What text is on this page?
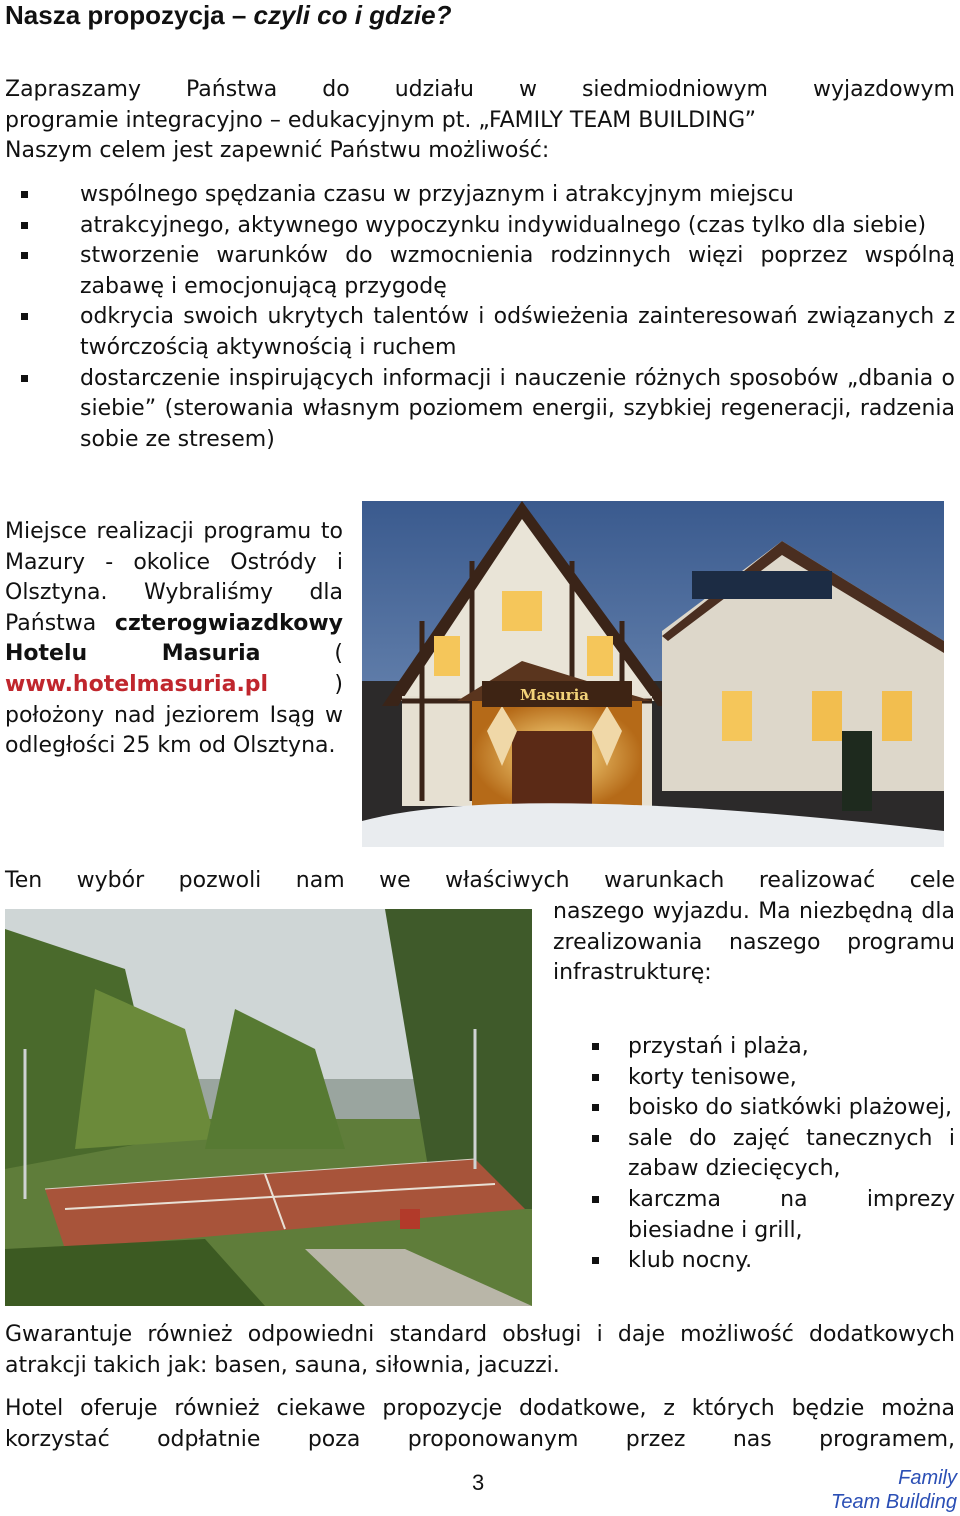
Nasza propozycja – czyli co i gdzie?
Zapraszamy Państwa do udziału w siedmiodniowym wyjazdowym
programie integracyjno – edukacyjnym pt. „FAMILY TEAM BUILDING”
Naszym celem jest zapewnić Państwu możliwość:
wspólnego spędzania czasu w przyjaznym i atrakcyjnym miejscu
atrakcyjnego, aktywnego wypoczynku indywidualnego (czas tylko dla siebie)
stworzenie warunków do wzmocnienia rodzinnych więzi poprzez wspólną zabawę i emocjonującą przygodę
odkrycia swoich ukrytych talentów i odświeżenia zainteresowań związanych z twórczością aktywnością i ruchem
dostarczenie inspirujących informacji i nauczenie różnych sposobów „dbania o siebie” (sterowania własnym poziomem energii, szybkiej regeneracji, radzenia sobie ze stresem)
Miejsce realizacji programu to Mazury - okolice Ostródy i Olsztyna. Wybraliśmy dla Państwa czterogwiazdkowy Hotelu Masuria	( www.hotelmasuria.pl	) położony nad jeziorem Isąg w odległości 25 km od Olsztyna.
Masuria
Ten wybór pozwoli nam we właściwych warunkach realizować cele
naszego wyjazdu. Ma niezbędną dla zrealizowania naszego programu infrastrukturę:
przystań i plaża,
korty tenisowe,
boisko do siatkówki plażowej,
sale do zajęć tanecznych i zabaw dziecięcych,
karczma na imprezy biesiadne i grill,
klub nocny.
Gwarantuje również odpowiedni standard obsługi i daje możliwość dodatkowych atrakcji takich jak: basen, sauna, siłownia, jacuzzi.
Hotel oferuje również ciekawe propozycje dodatkowe, z których będzie można korzystać odpłatnie poza proponowanym przez nas programem,
3	Family
Team Building
